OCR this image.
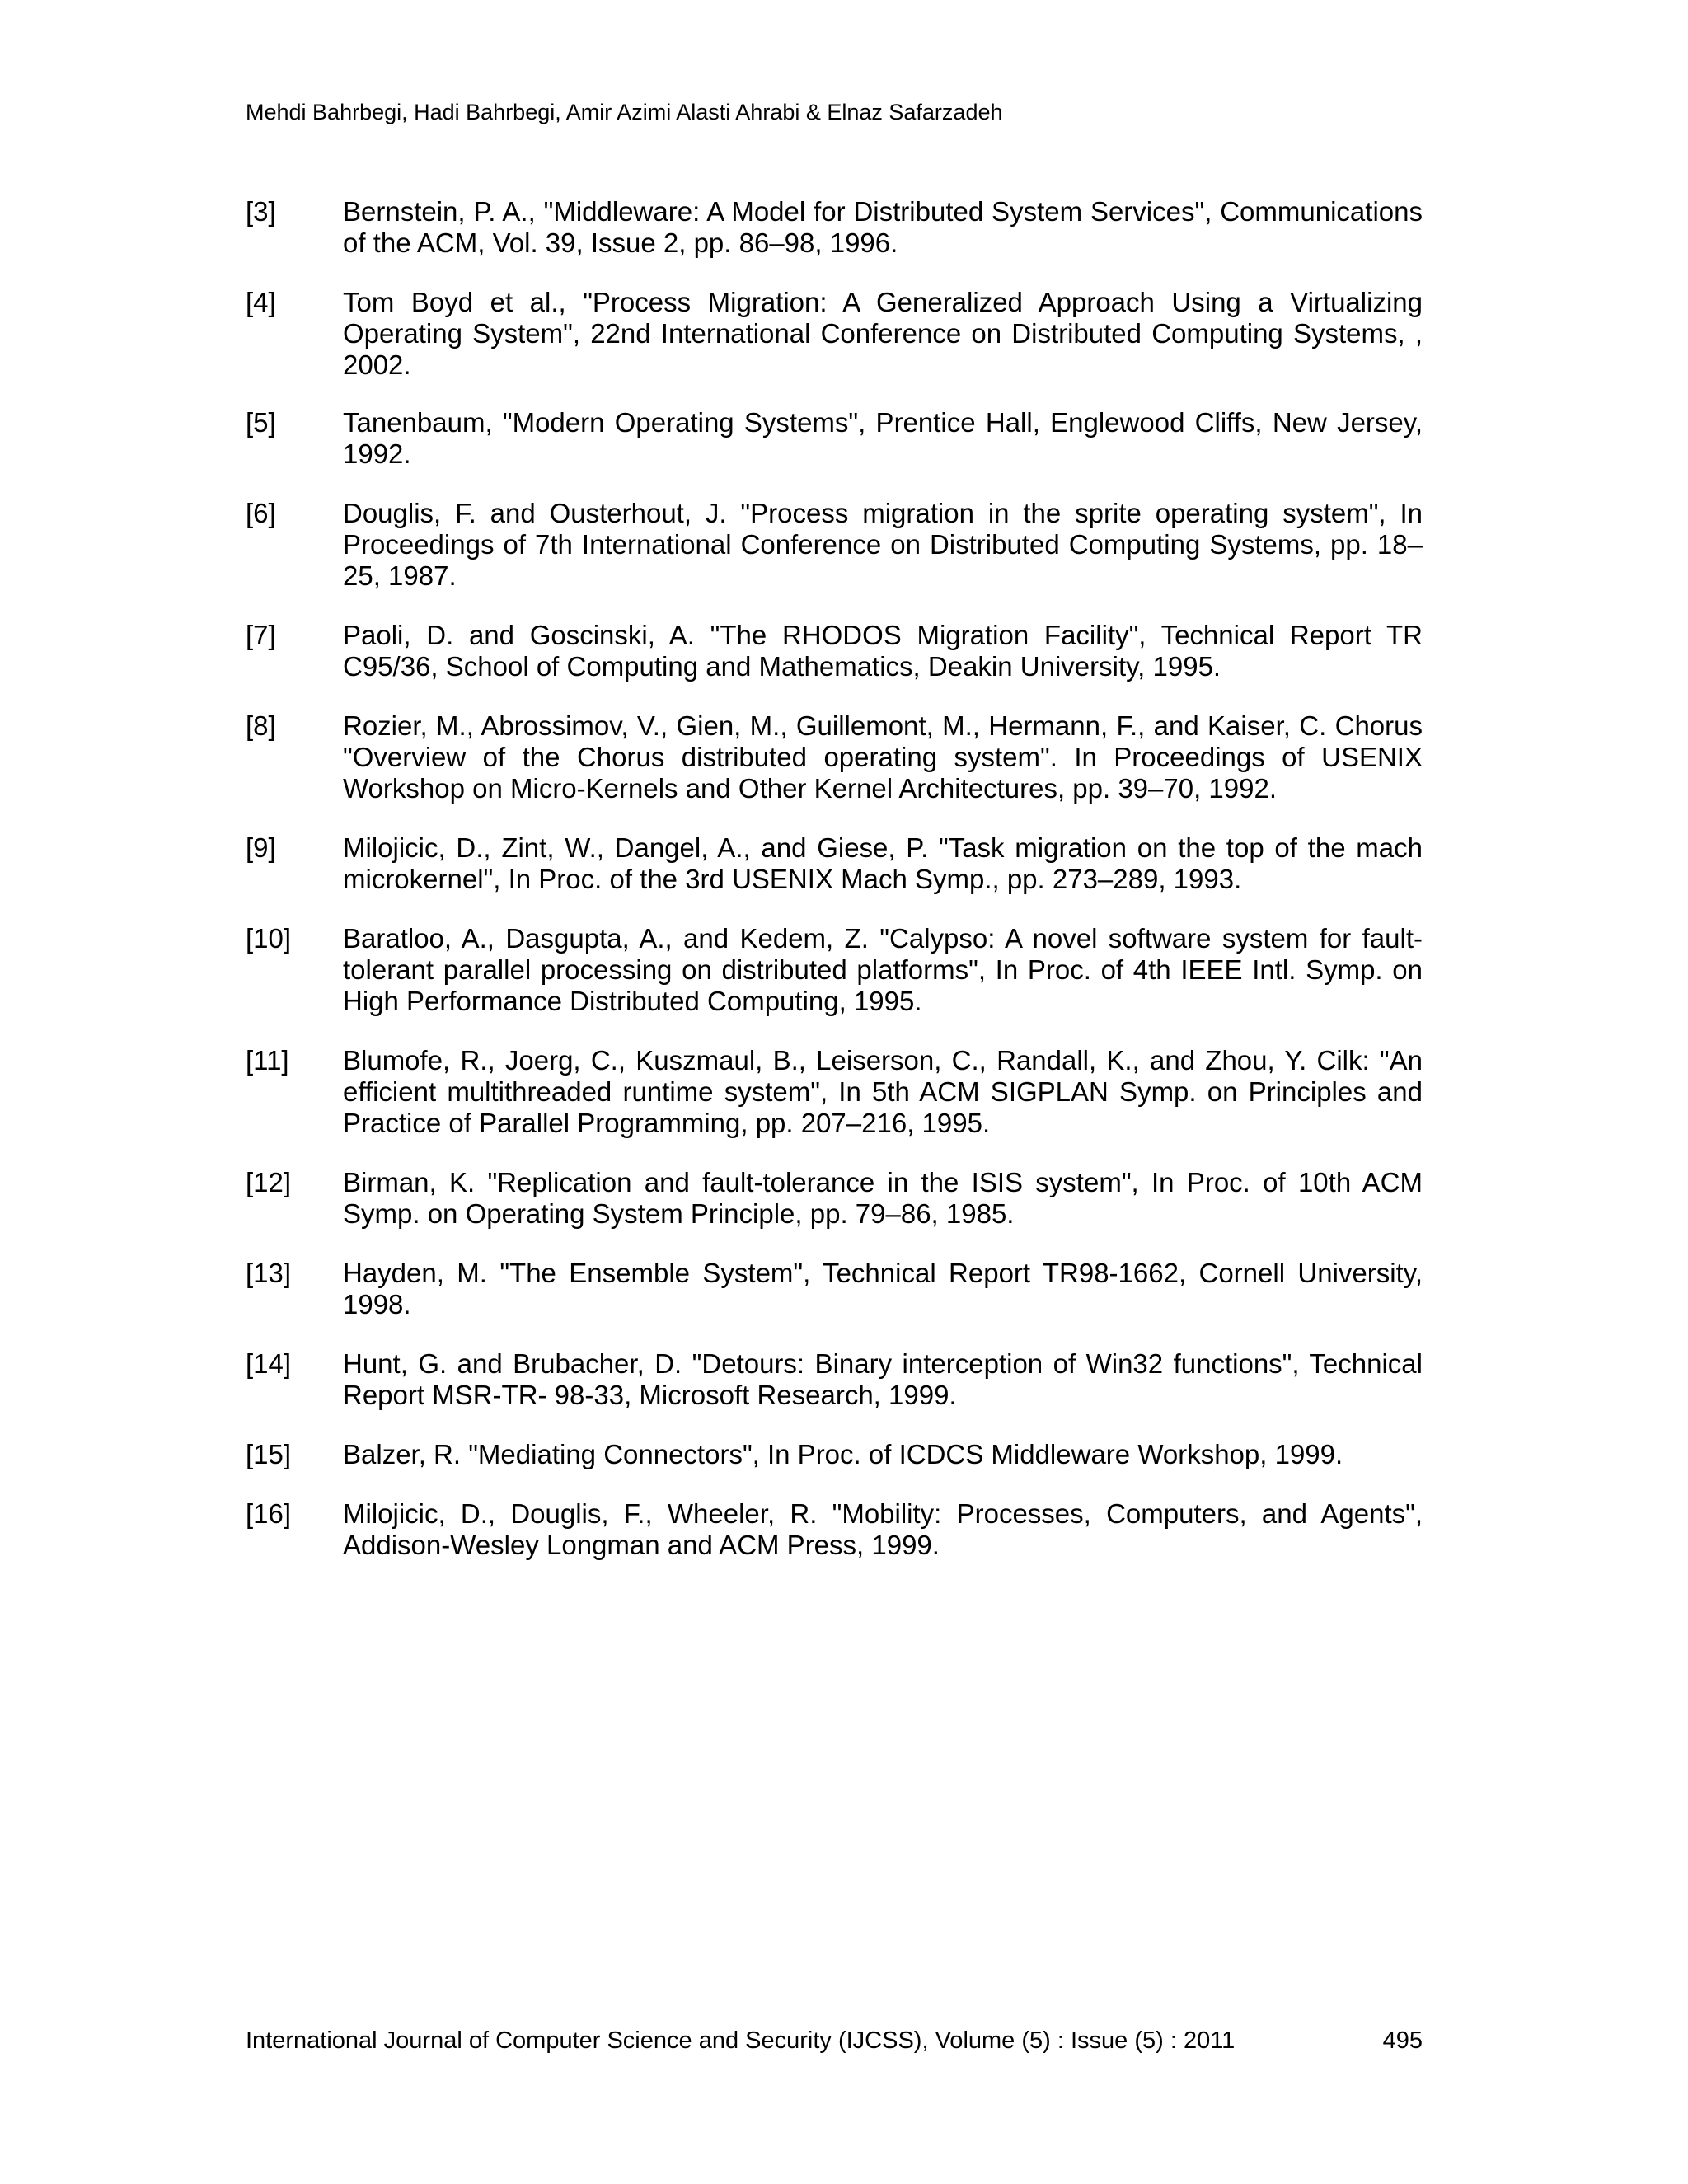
Mehdi Bahrbegi, Hadi Bahrbegi, Amir Azimi Alasti Ahrabi & Elnaz Safarzadeh
[3] Bernstein, P. A., "Middleware: A Model for Distributed System Services", Communications of the ACM, Vol. 39, Issue 2, pp. 86–98, 1996.
[4] Tom Boyd et al., "Process Migration: A Generalized Approach Using a Virtualizing Operating System", 22nd International Conference on Distributed Computing Systems, , 2002.
[5] Tanenbaum, "Modern Operating Systems", Prentice Hall, Englewood Cliffs, New Jersey, 1992.
[6] Douglis, F. and Ousterhout, J. "Process migration in the sprite operating system", In Proceedings of 7th International Conference on Distributed Computing Systems, pp. 18–25, 1987.
[7] Paoli, D. and Goscinski, A. "The RHODOS Migration Facility", Technical Report TR C95/36, School of Computing and Mathematics, Deakin University, 1995.
[8] Rozier, M., Abrossimov, V., Gien, M., Guillemont, M., Hermann, F., and Kaiser, C. Chorus "Overview of the Chorus distributed operating system". In Proceedings of USENIX Workshop on Micro-Kernels and Other Kernel Architectures, pp. 39–70, 1992.
[9] Milojicic, D., Zint, W., Dangel, A., and Giese, P. "Task migration on the top of the mach microkernel", In Proc. of the 3rd USENIX Mach Symp., pp. 273–289, 1993.
[10] Baratloo, A., Dasgupta, A., and Kedem, Z. "Calypso: A novel software system for fault-tolerant parallel processing on distributed platforms", In Proc. of 4th IEEE Intl. Symp. on High Performance Distributed Computing, 1995.
[11] Blumofe, R., Joerg, C., Kuszmaul, B., Leiserson, C., Randall, K., and Zhou, Y. Cilk: "An efficient multithreaded runtime system", In 5th ACM SIGPLAN Symp. on Principles and Practice of Parallel Programming, pp. 207–216, 1995.
[12] Birman, K. "Replication and fault-tolerance in the ISIS system", In Proc. of 10th ACM Symp. on Operating System Principle, pp. 79–86, 1985.
[13] Hayden, M. "The Ensemble System", Technical Report TR98-1662, Cornell University, 1998.
[14] Hunt, G. and Brubacher, D. "Detours: Binary interception of Win32 functions", Technical Report MSR-TR- 98-33, Microsoft Research, 1999.
[15] Balzer, R. "Mediating Connectors", In Proc. of ICDCS Middleware Workshop, 1999.
[16] Milojicic, D., Douglis, F., Wheeler, R. "Mobility: Processes, Computers, and Agents", Addison-Wesley Longman and ACM Press, 1999.
International Journal of Computer Science and Security (IJCSS), Volume (5) : Issue (5) : 2011	495
